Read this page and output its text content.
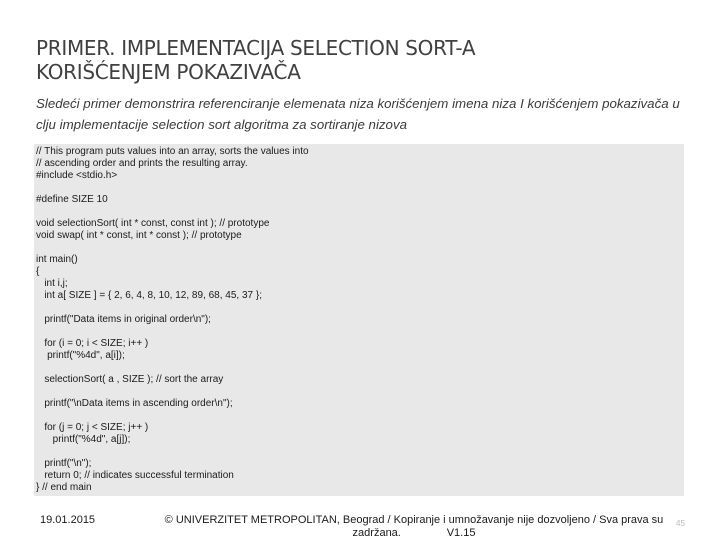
PRIMER. IMPLEMENTACIJA SELECTION SORT-A
KORIŠĆENJEM POKAZIVAČA
Sledeći primer demonstrira referenciranje elemenata niza korišćenjem imena niza I korišćenjem pokazivača u clju implementacije selection sort algoritma za sortiranje nizova
// This program puts values into an array, sorts the values into
// ascending order and prints the resulting array.
#include <stdio.h>
#define SIZE 10
void selectionSort( int * const, const int ); // prototype
void swap( int * const, int * const ); // prototype
int main()
{
int i,j;
int a[ SIZE ] = { 2, 6, 4, 8, 10, 12, 89, 68, 45, 37 };
printf("Data items in original order\n");
for (i = 0; i < SIZE; i++ )
printf("%4d", a[i]);
selectionSort( a , SIZE ); // sort the array
printf("\nData items in ascending order\n");
for (j = 0; j < SIZE; j++ )
printf("%4d", a[j]);
printf("\n");
return 0; // indicates successful termination
} // end main
19.01.2015	© UNIVERZITET METROPOLITAN, Beograd / Kopiranje i umnožavanje nije dozvoljeno / Sva prava su
zadržana.               V1.15
45
